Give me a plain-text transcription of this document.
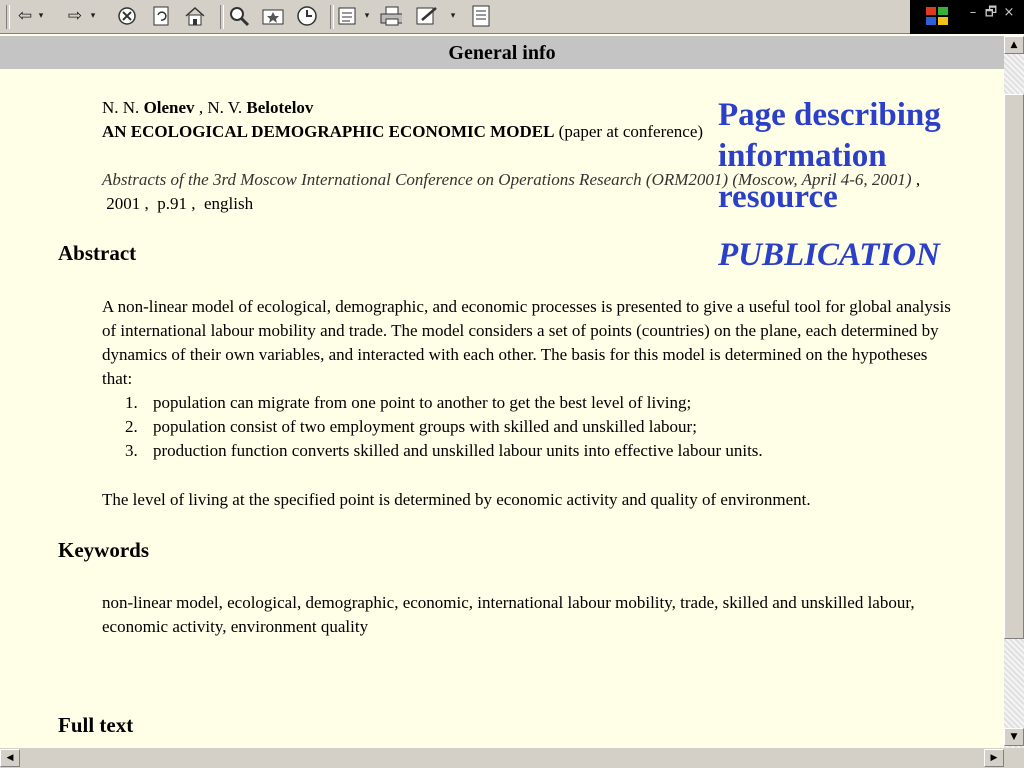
⇦ ▾ ⇨ ▾	▾	▾	– 🗗 ×
General info
N. N. Olenev , N. V. Belotelov
AN ECOLOGICAL DEMOGRAPHIC ECONOMIC MODEL (paper at conference)
Abstracts of the 3rd Moscow International Conference on Operations Research (ORM2001) (Moscow, April 4-6, 2001) ,  2001 ,  p.91 ,  english
Page describing information resource
PUBLICATION
Abstract
A non-linear model of ecological, demographic, and economic processes is presented to give a useful tool for global analysis of international labour mobility and trade. The model considers a set of points (countries) on the plane, each determined by dynamics of their own variables, and interacted with each other. The basis for this model is determined on the hypotheses that:
1. population can migrate from one point to another to get the best level of living;
2. population consist of two employment groups with skilled and unskilled labour;
3. production function converts skilled and unskilled labour units into effective labour units.
The level of living at the specified point is determined by economic activity and quality of environment.
Keywords
non-linear model, ecological, demographic, economic, international labour mobility, trade, skilled and unskilled labour, economic activity, environment quality
Full text
▲
▼
◀	▶
